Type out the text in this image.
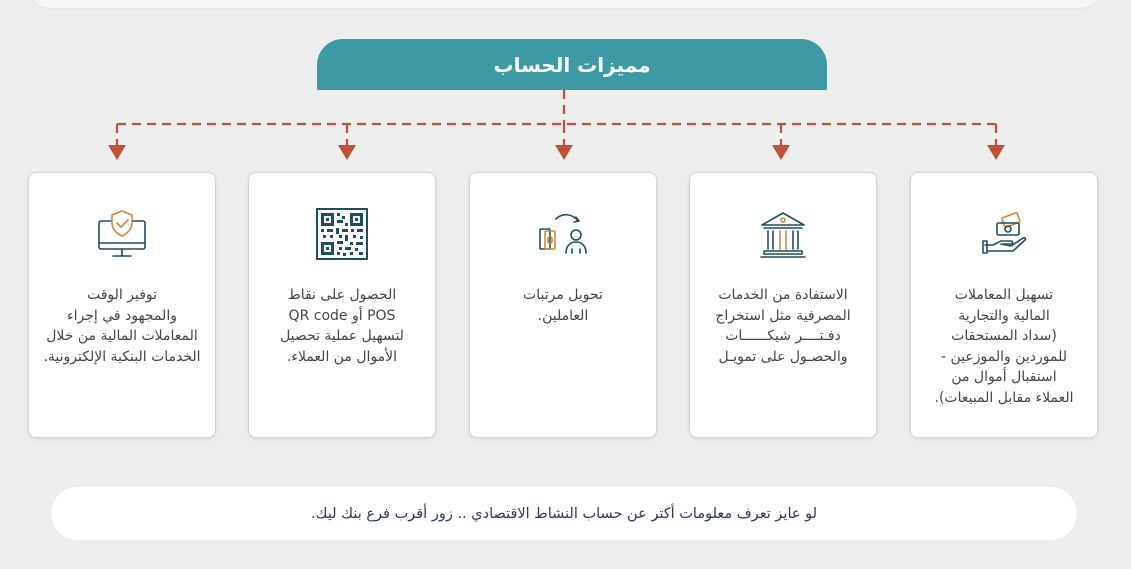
مميزات الحساب
تسهيل المعاملات
المالية والتجارية
(سداد المستحقات
للموردين والموزعين -
استقبال أموال من
العملاء مقابل المبيعات).
الاستفادة من الخدمات
المصرفية مثل استخراج
دفـتــــر شيكــــــات
والحصـول على تمويـل
تحويل مرتبات
العاملين.
الحصول على نقاط
POS أو QR code
لتسهيل عملية تحصيل
الأموال من العملاء.
توفير الوقت
والمجهود في إجراء
المعاملات المالية من خلال
الخدمات البنكية الإلكترونية.
لو عايز تعرف معلومات أكتر عن حساب النشاط الاقتصادي .. زور أقرب فرع بنك ليك.
